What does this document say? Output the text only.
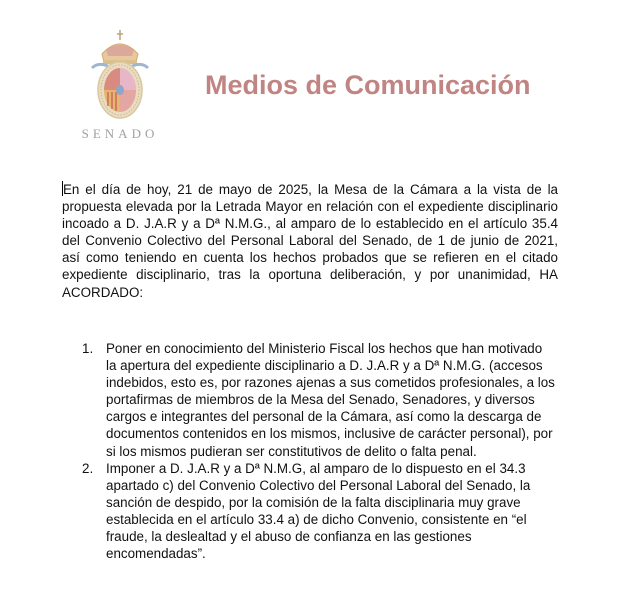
SENADO
Medios de Comunicación
En el día de hoy, 21 de mayo de 2025, la Mesa de la Cámara a la vista de la propuesta elevada por la Letrada Mayor en relación con el expediente disciplinario incoado a D. J.A.R y a Dª N.M.G., al amparo de lo establecido en el artículo 35.4 del Convenio Colectivo del Personal Laboral del Senado, de 1 de junio de 2021, así como teniendo en cuenta los hechos probados que se refieren en el citado expediente disciplinario, tras la oportuna deliberación, y por unanimidad, HA ACORDADO:
1. Poner en conocimiento del Ministerio Fiscal los hechos que han motivado
la apertura del expediente disciplinario a D. J.A.R y a Dª N.M.G. (accesos
indebidos, esto es, por razones ajenas a sus cometidos profesionales, a los
portafirmas de miembros de la Mesa del Senado, Senadores, y diversos
cargos e integrantes del personal de la Cámara, así como la descarga de
documentos contenidos en los mismos, inclusive de carácter personal), por
si los mismos pudieran ser constitutivos de delito o falta penal.
2. Imponer a D. J.A.R y a Dª N.M.G, al amparo de lo dispuesto en el 34.3
apartado c) del Convenio Colectivo del Personal Laboral del Senado, la
sanción de despido, por la comisión de la falta disciplinaria muy grave
establecida en el artículo 33.4 a) de dicho Convenio, consistente en “el
fraude, la deslealtad y el abuso de confianza en las gestiones
encomendadas”.
